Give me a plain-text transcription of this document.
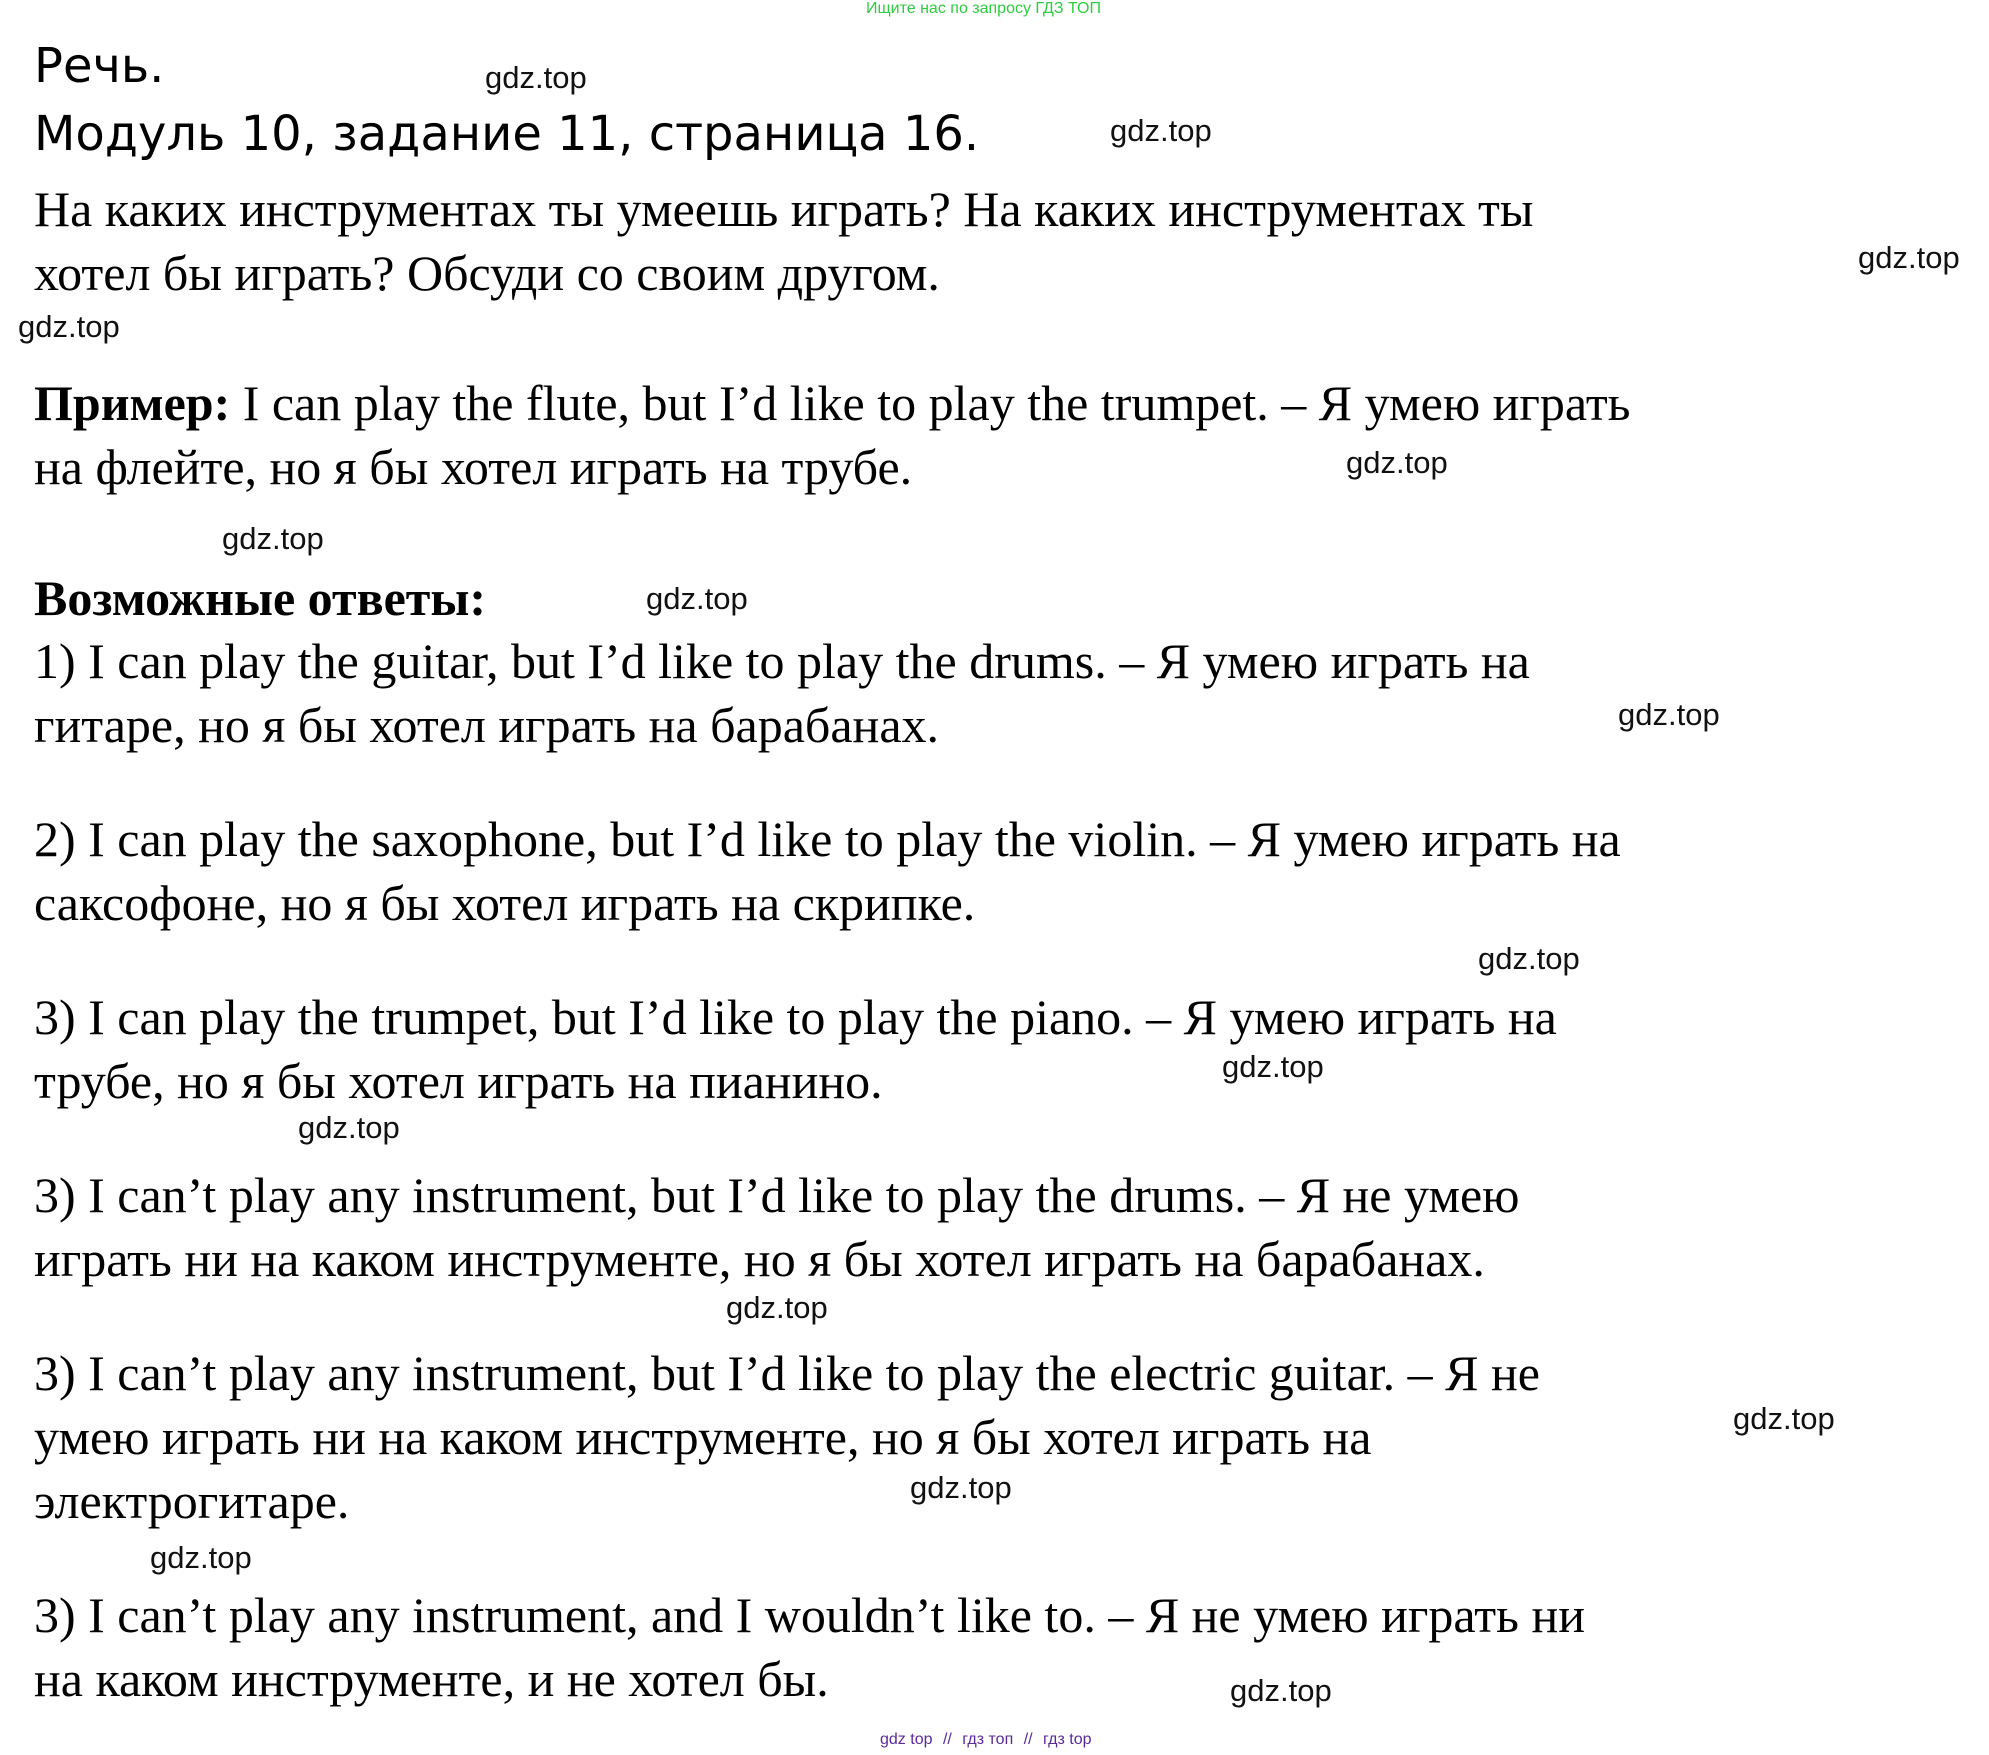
Ищите нас по запросу ГДЗ ТОП
Речь.
Модуль 10, задание 11, страница 16.
На каких инструментах ты умеешь играть? На каких инструментах ты
хотел бы играть? Обсуди со своим другом.
Пример: I can play the flute, but I’d like to play the trumpet. – Я умею играть
на флейте, но я бы хотел играть на трубе.
Возможные ответы:
1) I can play the guitar, but I’d like to play the drums. – Я умею играть на
гитаре, но я бы хотел играть на барабанах.
2) I can play the saxophone, but I’d like to play the violin. – Я умею играть на
саксофоне, но я бы хотел играть на скрипке.
3) I can play the trumpet, but I’d like to play the piano. – Я умею играть на
трубе, но я бы хотел играть на пианино.
3) I can’t play any instrument, but I’d like to play the drums. – Я не умею
играть ни на каком инструменте, но я бы хотел играть на барабанах.
3) I can’t play any instrument, but I’d like to play the electric guitar. – Я не
умею играть ни на каком инструменте, но я бы хотел играть на
электрогитаре.
3) I can’t play any instrument, and I wouldn’t like to. – Я не умею играть ни
на каком инструменте, и не хотел бы.
gdz.top
gdz.top
gdz.top
gdz.top
gdz.top
gdz.top
gdz.top
gdz.top
gdz.top
gdz.top
gdz.top
gdz.top
gdz.top
gdz.top
gdz.top
gdz.top
gdz top // гдз топ // гдз top
